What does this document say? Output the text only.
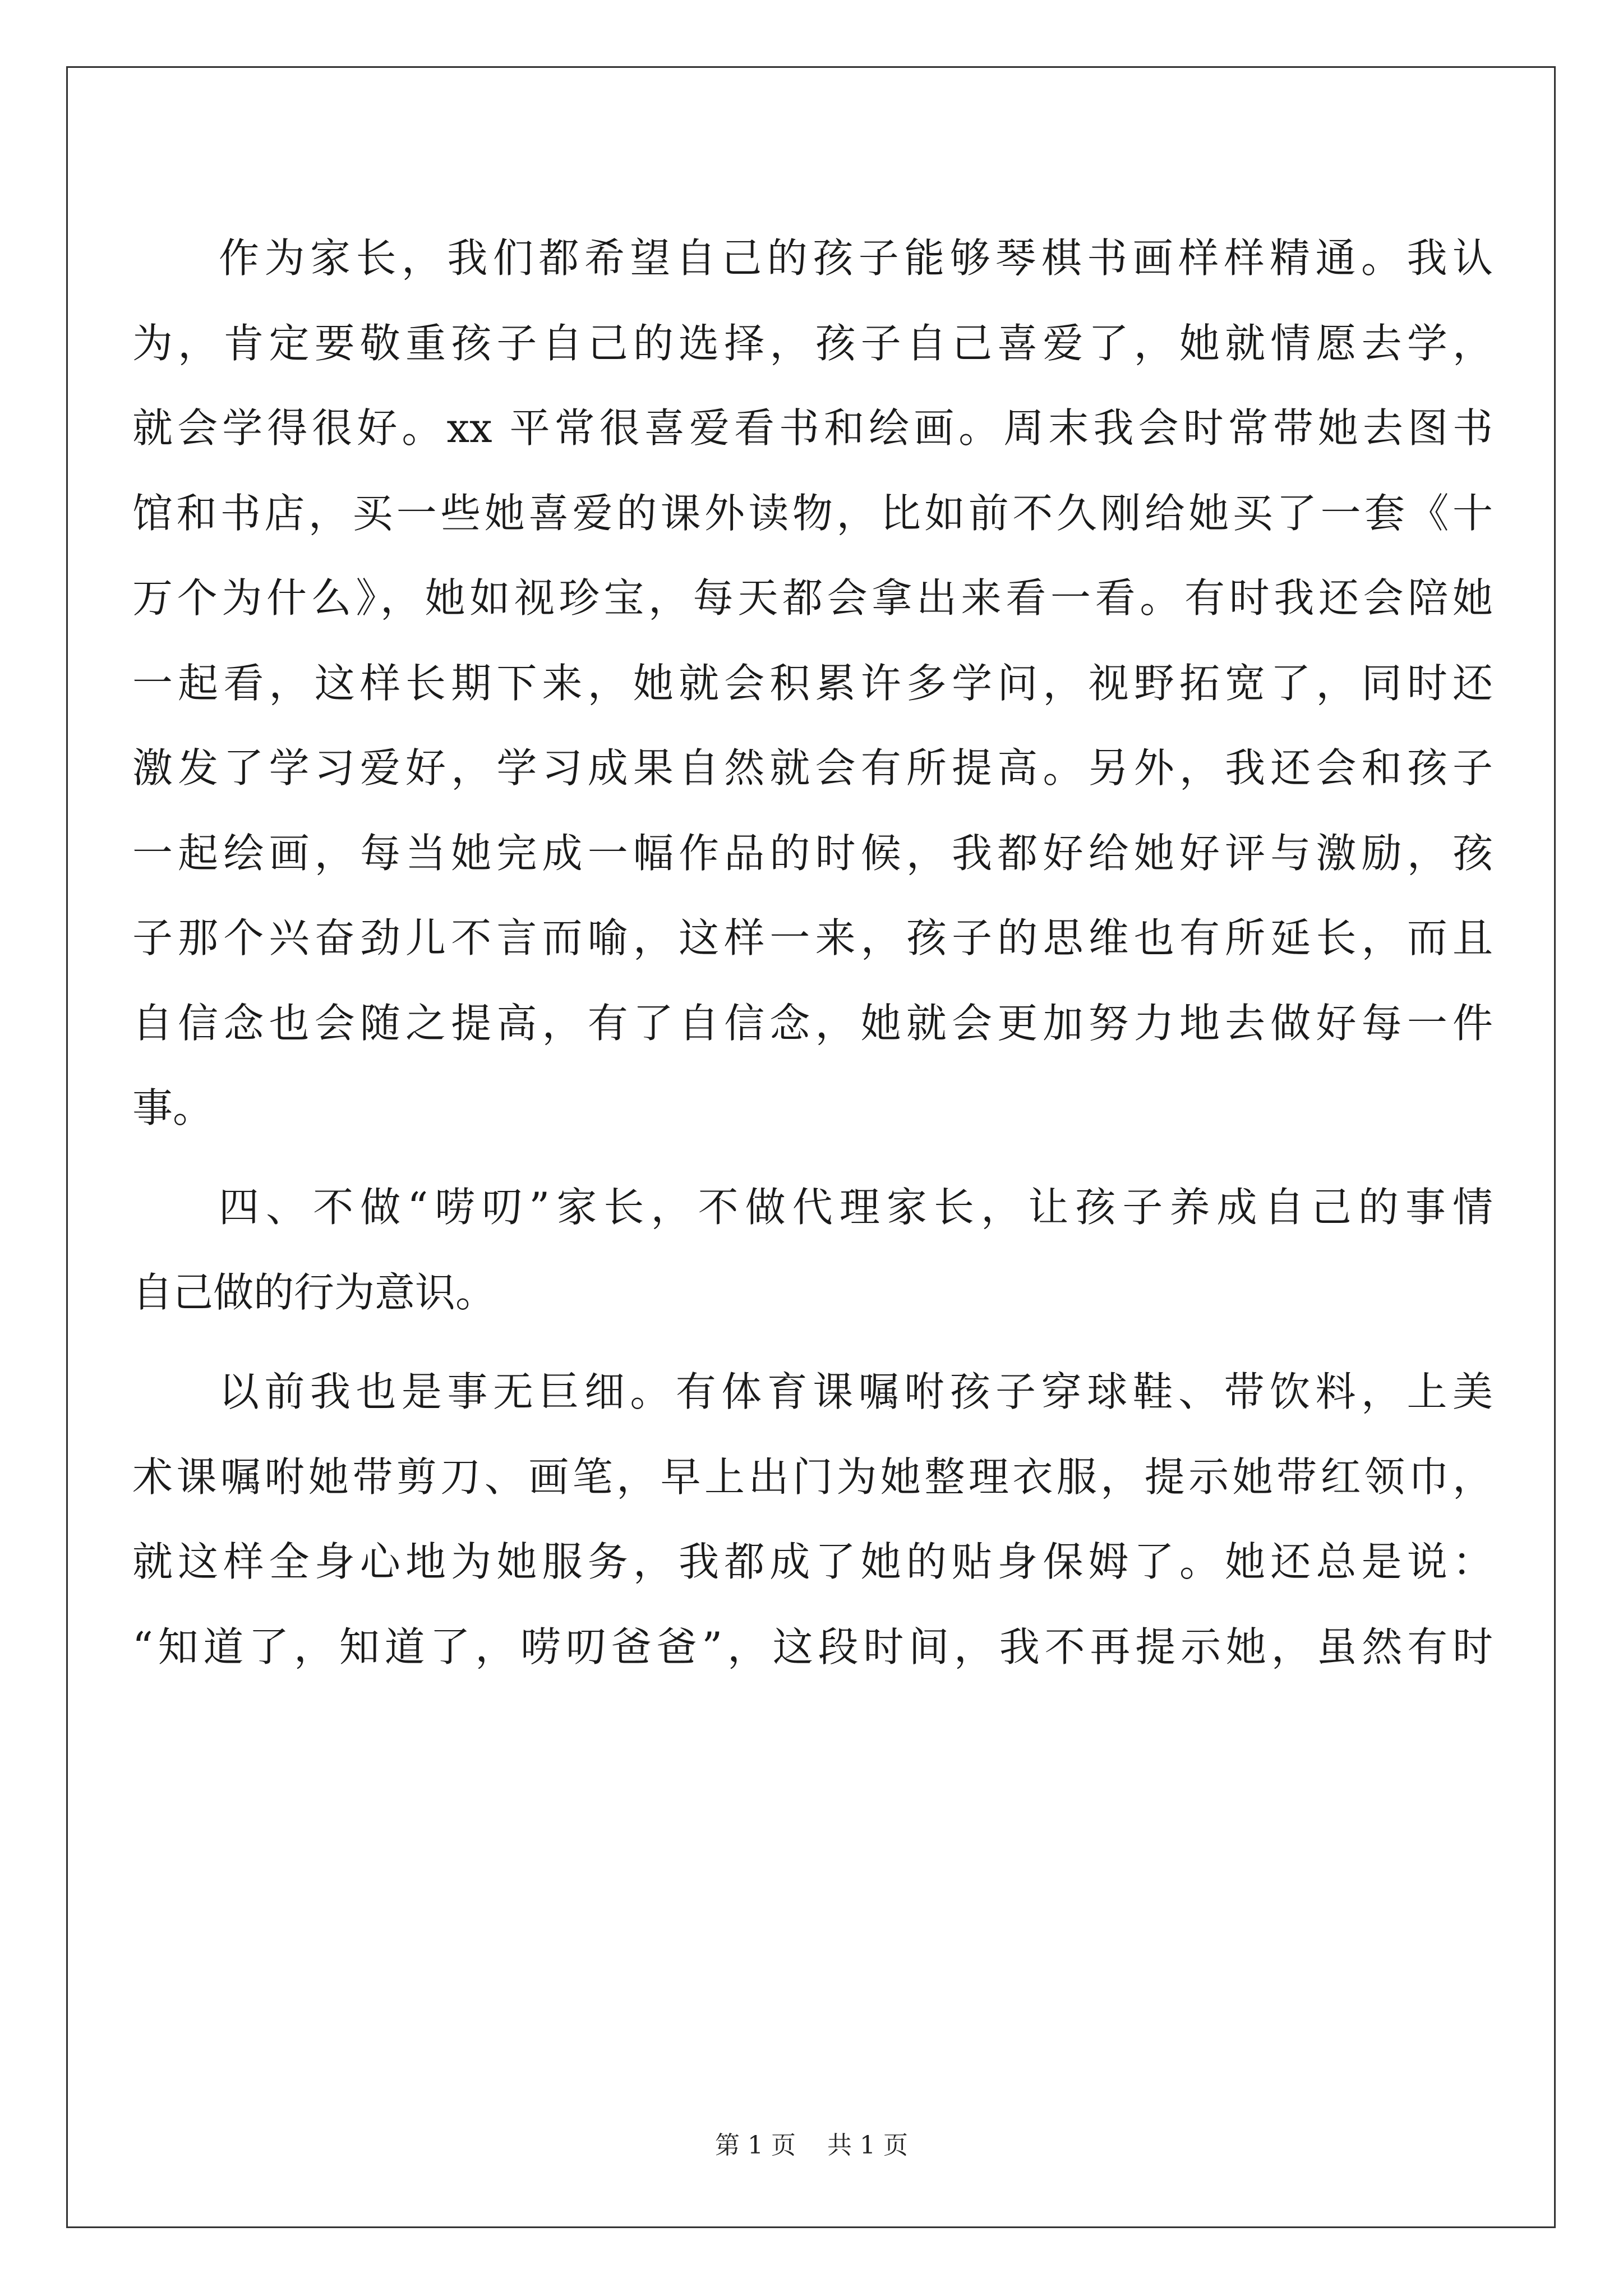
作为家长，我们都希望自己的孩子能够琴棋书画样样精通。我认
为，肯定要敬重孩子自己的选择，孩子自己喜爱了，她就情愿去学，
就会学得很好。xx 平常很喜爱看书和绘画。周末我会时常带她去图书
馆和书店，买一些她喜爱的课外读物，比如前不久刚给她买了一套《十
万个为什么》，她如视珍宝，每天都会拿出来看一看。有时我还会陪她
一起看，这样长期下来，她就会积累许多学问，视野拓宽了，同时还
激发了学习爱好，学习成果自然就会有所提高。另外，我还会和孩子
一起绘画，每当她完成一幅作品的时候，我都好给她好评与激励，孩
子那个兴奋劲儿不言而喻，这样一来，孩子的思维也有所延长，而且
自信念也会随之提高，有了自信念，她就会更加努力地去做好每一件
事。
四、不做“唠叨”家长，不做代理家长，让孩子养成自己的事情
自己做的行为意识。
以前我也是事无巨细。有体育课嘱咐孩子穿球鞋、带饮料，上美
术课嘱咐她带剪刀、画笔，早上出门为她整理衣服，提示她带红领巾，
就这样全身心地为她服务，我都成了她的贴身保姆了。她还总是说：
“知道了，知道了，唠叨爸爸”，这段时间，我不再提示她，虽然有时
第 1 页 共 1 页
